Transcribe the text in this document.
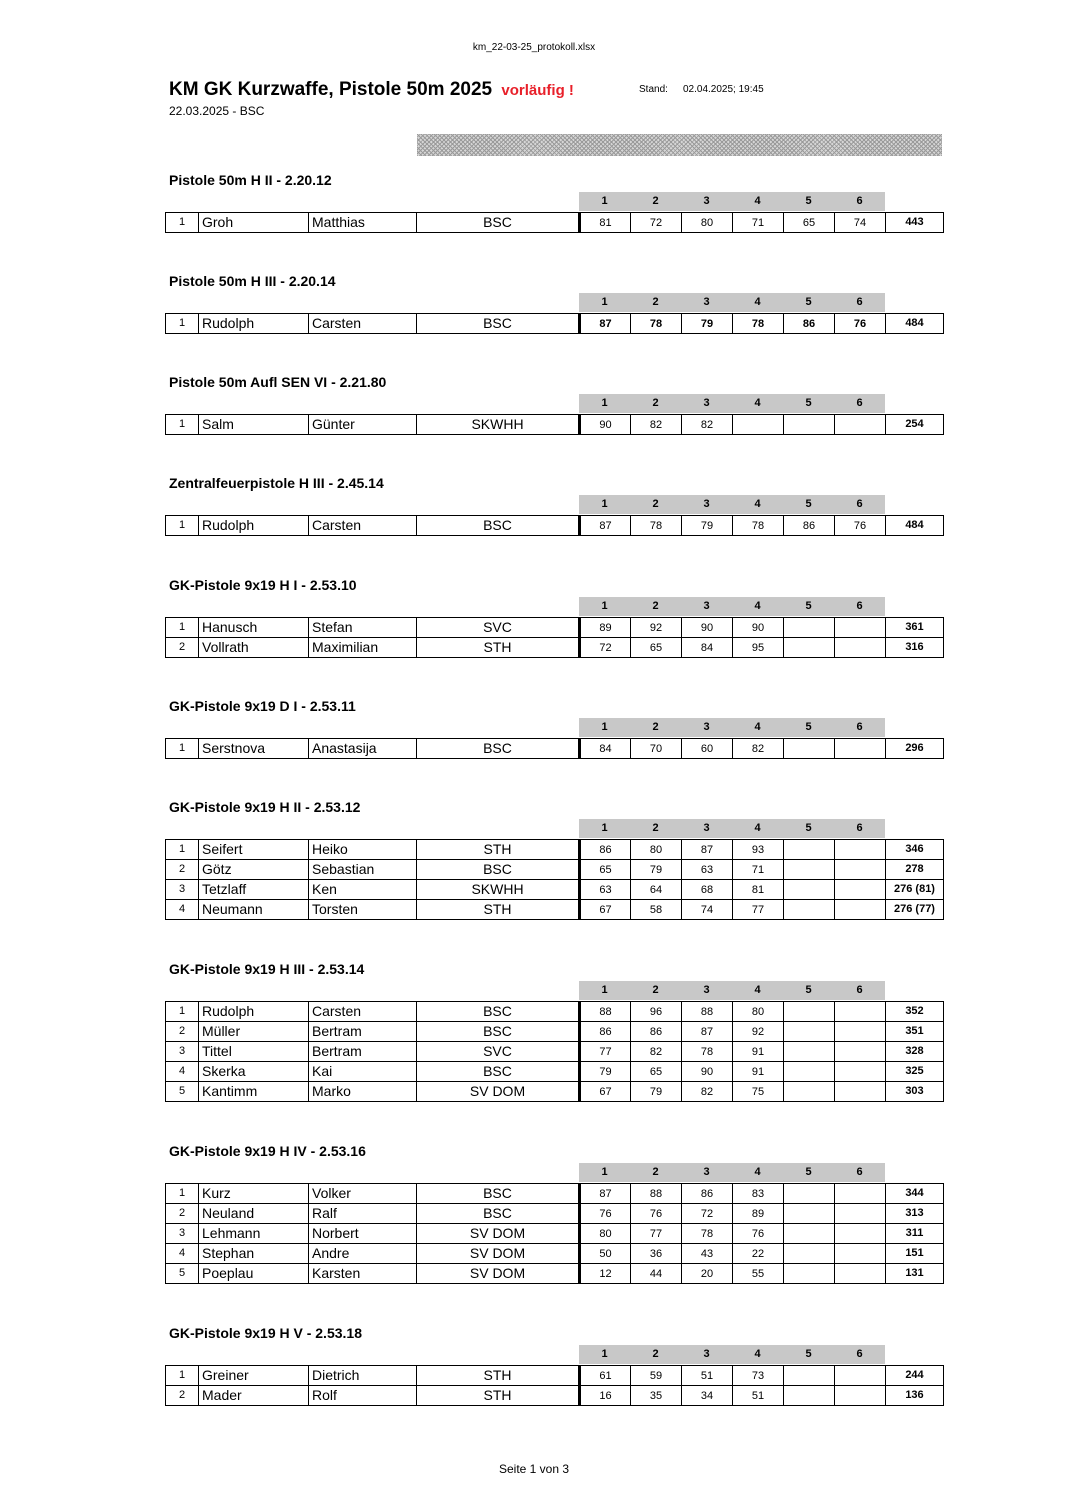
km_22-03-25_protokoll.xlsx
KM GK Kurzwaffe, Pistole 50m 2025 vorläufig !
22.03.2025 - BSC
Stand: 02.04.2025; 19:45
Pistole 50m H II - 2.20.12
1	2	3	4	5	6
1	Groh	Matthias	BSC	81	72	80	71	65	74	443
Pistole 50m H III - 2.20.14
1	2	3	4	5	6
1	Rudolph	Carsten	BSC	87	78	79	78	86	76	484
Pistole 50m Aufl SEN VI - 2.21.80
1	2	3	4	5	6
1	Salm	Günter	SKWHH	90	82	82				254
Zentralfeuerpistole H III - 2.45.14
1	2	3	4	5	6
1	Rudolph	Carsten	BSC	87	78	79	78	86	76	484
GK-Pistole 9x19 H I - 2.53.10
1	2	3	4	5	6
1	Hanusch	Stefan	SVC	89	92	90	90			361
2	Vollrath	Maximilian	STH	72	65	84	95			316
GK-Pistole 9x19 D I - 2.53.11
1	2	3	4	5	6
1	Serstnova	Anastasija	BSC	84	70	60	82			296
GK-Pistole 9x19 H II - 2.53.12
1	2	3	4	5	6
1	Seifert	Heiko	STH	86	80	87	93			346
2	Götz	Sebastian	BSC	65	79	63	71			278
3	Tetzlaff	Ken	SKWHH	63	64	68	81			276 (81)
4	Neumann	Torsten	STH	67	58	74	77			276 (77)
GK-Pistole 9x19 H III - 2.53.14
1	2	3	4	5	6
1	Rudolph	Carsten	BSC	88	96	88	80			352
2	Müller	Bertram	BSC	86	86	87	92			351
3	Tittel	Bertram	SVC	77	82	78	91			328
4	Skerka	Kai	BSC	79	65	90	91			325
5	Kantimm	Marko	SV DOM	67	79	82	75			303
GK-Pistole 9x19 H IV - 2.53.16
1	2	3	4	5	6
1	Kurz	Volker	BSC	87	88	86	83			344
2	Neuland	Ralf	BSC	76	76	72	89			313
3	Lehmann	Norbert	SV DOM	80	77	78	76			311
4	Stephan	Andre	SV DOM	50	36	43	22			151
5	Poeplau	Karsten	SV DOM	12	44	20	55			131
GK-Pistole 9x19 H V - 2.53.18
1	2	3	4	5	6
1	Greiner	Dietrich	STH	61	59	51	73			244
2	Mader	Rolf	STH	16	35	34	51			136
Seite 1 von 3
